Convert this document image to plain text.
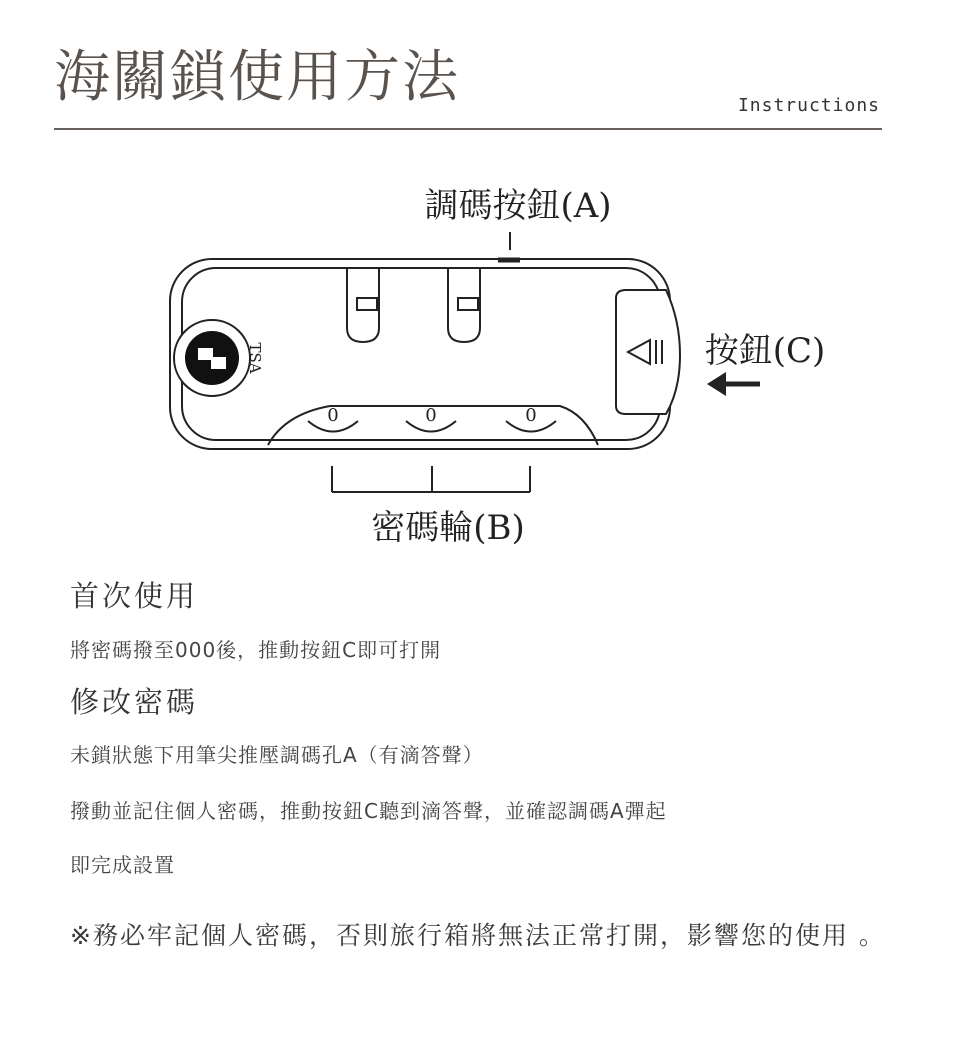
海關鎖使用方法	Instructions
調碼按鈕(A)
TSA
0	0	0
按鈕(C)
密碼輪(B)
首次使用
將密碼撥至000後，推動按鈕C即可打開
修改密碼
未鎖狀態下用筆尖推壓調碼孔A（有滴答聲）
撥動並記住個人密碼，推動按鈕C聽到滴答聲，並確認調碼A彈起
即完成設置
※務必牢記個人密碼，否則旅行箱將無法正常打開，影響您的使用 。
